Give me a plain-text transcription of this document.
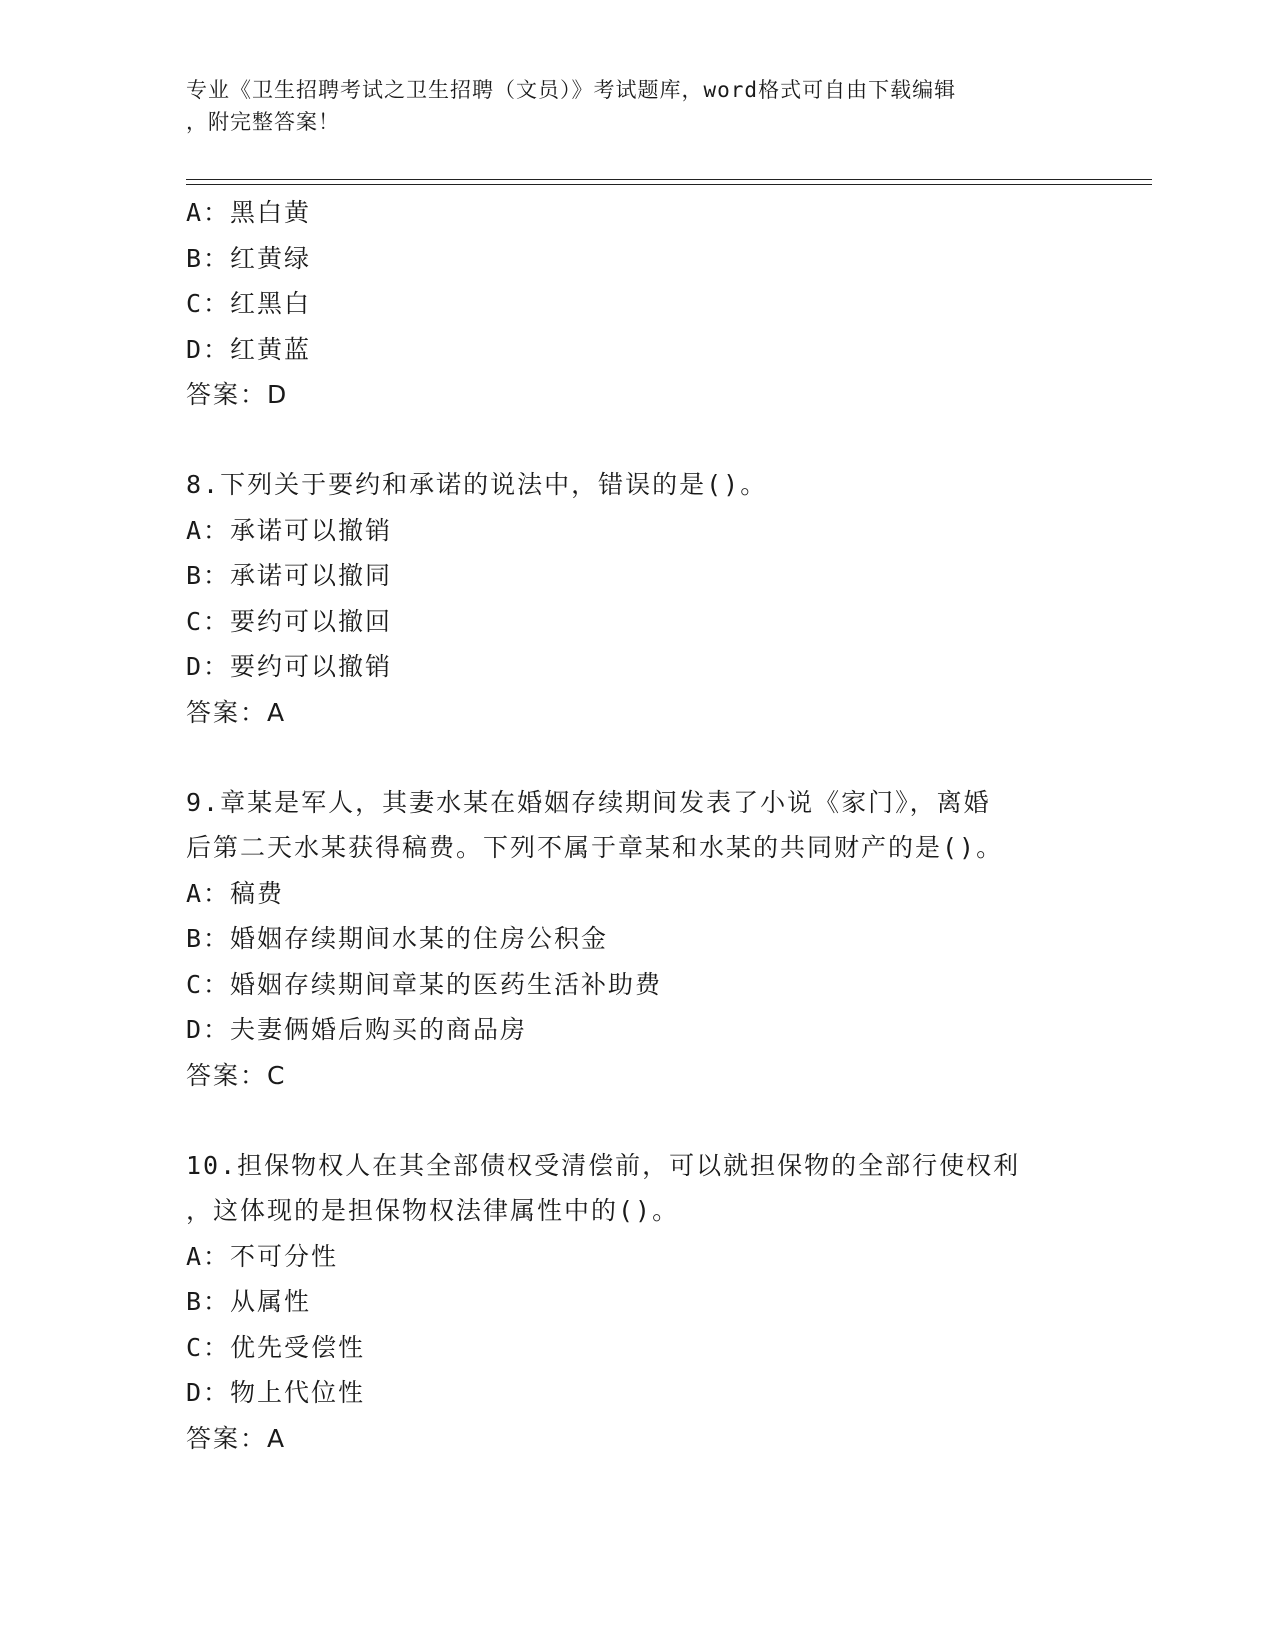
专业《卫生招聘考试之卫生招聘（文员）》考试题库，word格式可自由下载编辑
，附完整答案！
A：黑白黄
B：红黄绿
C：红黑白
D：红黄蓝
答案：D
8.下列关于要约和承诺的说法中，错误的是()。
A：承诺可以撤销
B：承诺可以撤同
C：要约可以撤回
D：要约可以撤销
答案：A
9.章某是军人，其妻水某在婚姻存续期间发表了小说《家门》，离婚
后第二天水某获得稿费。下列不属于章某和水某的共同财产的是()。
A：稿费
B：婚姻存续期间水某的住房公积金
C：婚姻存续期间章某的医药生活补助费
D：夫妻俩婚后购买的商品房
答案：C
10.担保物权人在其全部债权受清偿前，可以就担保物的全部行使权利
，这体现的是担保物权法律属性中的()。
A：不可分性
B：从属性
C：优先受偿性
D：物上代位性
答案：A
